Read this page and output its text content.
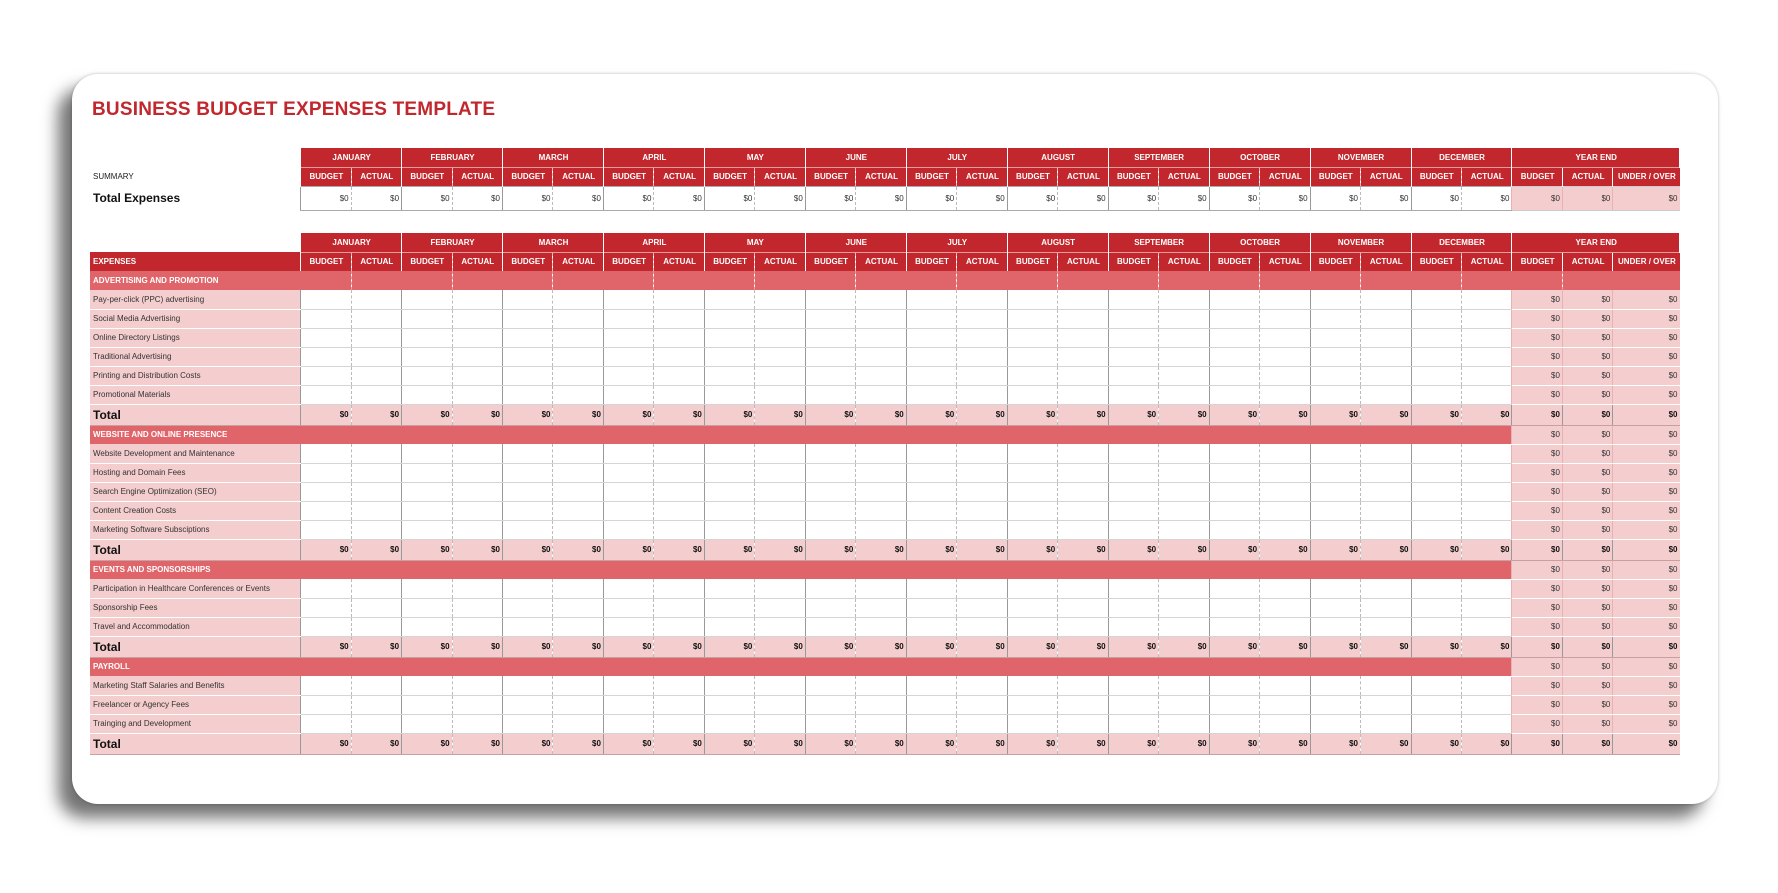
BUSINESS BUDGET EXPENSES TEMPLATE
	JANUARY		FEBRUARY		MARCH		APRIL		MAY		JUNE		JULY		AUGUST		SEPTEMBER		OCTOBER		NOVEMBER		DECEMBER		YEAR END		
SUMMARY	BUDGET	ACTUAL	BUDGET	ACTUAL	BUDGET	ACTUAL	BUDGET	ACTUAL	BUDGET	ACTUAL	BUDGET	ACTUAL	BUDGET	ACTUAL	BUDGET	ACTUAL	BUDGET	ACTUAL	BUDGET	ACTUAL	BUDGET	ACTUAL	BUDGET	ACTUAL	BUDGET	ACTUAL	UNDER / OVER
Total Expenses	$0	$0	$0	$0	$0	$0	$0	$0	$0	$0	$0	$0	$0	$0	$0	$0	$0	$0	$0	$0	$0	$0	$0	$0	$0	$0	$0
	JANUARY		FEBRUARY		MARCH		APRIL		MAY		JUNE		JULY		AUGUST		SEPTEMBER		OCTOBER		NOVEMBER		DECEMBER		YEAR END		
EXPENSES	BUDGET	ACTUAL	BUDGET	ACTUAL	BUDGET	ACTUAL	BUDGET	ACTUAL	BUDGET	ACTUAL	BUDGET	ACTUAL	BUDGET	ACTUAL	BUDGET	ACTUAL	BUDGET	ACTUAL	BUDGET	ACTUAL	BUDGET	ACTUAL	BUDGET	ACTUAL	BUDGET	ACTUAL	UNDER / OVER
ADVERTISING AND PROMOTION																											
Pay-per-click (PPC) advertising																									$0	$0	$0
Social Media Advertising																									$0	$0	$0
Online Directory Listings																									$0	$0	$0
Traditional Advertising																									$0	$0	$0
Printing and Distribution Costs																									$0	$0	$0
Promotional Materials																									$0	$0	$0
Total	$0	$0	$0	$0	$0	$0	$0	$0	$0	$0	$0	$0	$0	$0	$0	$0	$0	$0	$0	$0	$0	$0	$0	$0	$0	$0	$0
WEBSITE AND ONLINE PRESENCE																									$0	$0	$0
Website Development and Maintenance																									$0	$0	$0
Hosting and Domain Fees																									$0	$0	$0
Search Engine Optimization (SEO)																									$0	$0	$0
Content Creation Costs																									$0	$0	$0
Marketing Software Subsciptions																									$0	$0	$0
Total	$0	$0	$0	$0	$0	$0	$0	$0	$0	$0	$0	$0	$0	$0	$0	$0	$0	$0	$0	$0	$0	$0	$0	$0	$0	$0	$0
EVENTS AND SPONSORSHIPS																									$0	$0	$0
Participation in Healthcare Conferences or Events																									$0	$0	$0
Sponsorship Fees																									$0	$0	$0
Travel and Accommodation																									$0	$0	$0
Total	$0	$0	$0	$0	$0	$0	$0	$0	$0	$0	$0	$0	$0	$0	$0	$0	$0	$0	$0	$0	$0	$0	$0	$0	$0	$0	$0
PAYROLL																									$0	$0	$0
Marketing Staff Salaries and Benefits																									$0	$0	$0
Freelancer or Agency Fees																									$0	$0	$0
Trainging and Development																									$0	$0	$0
Total	$0	$0	$0	$0	$0	$0	$0	$0	$0	$0	$0	$0	$0	$0	$0	$0	$0	$0	$0	$0	$0	$0	$0	$0	$0	$0	$0
